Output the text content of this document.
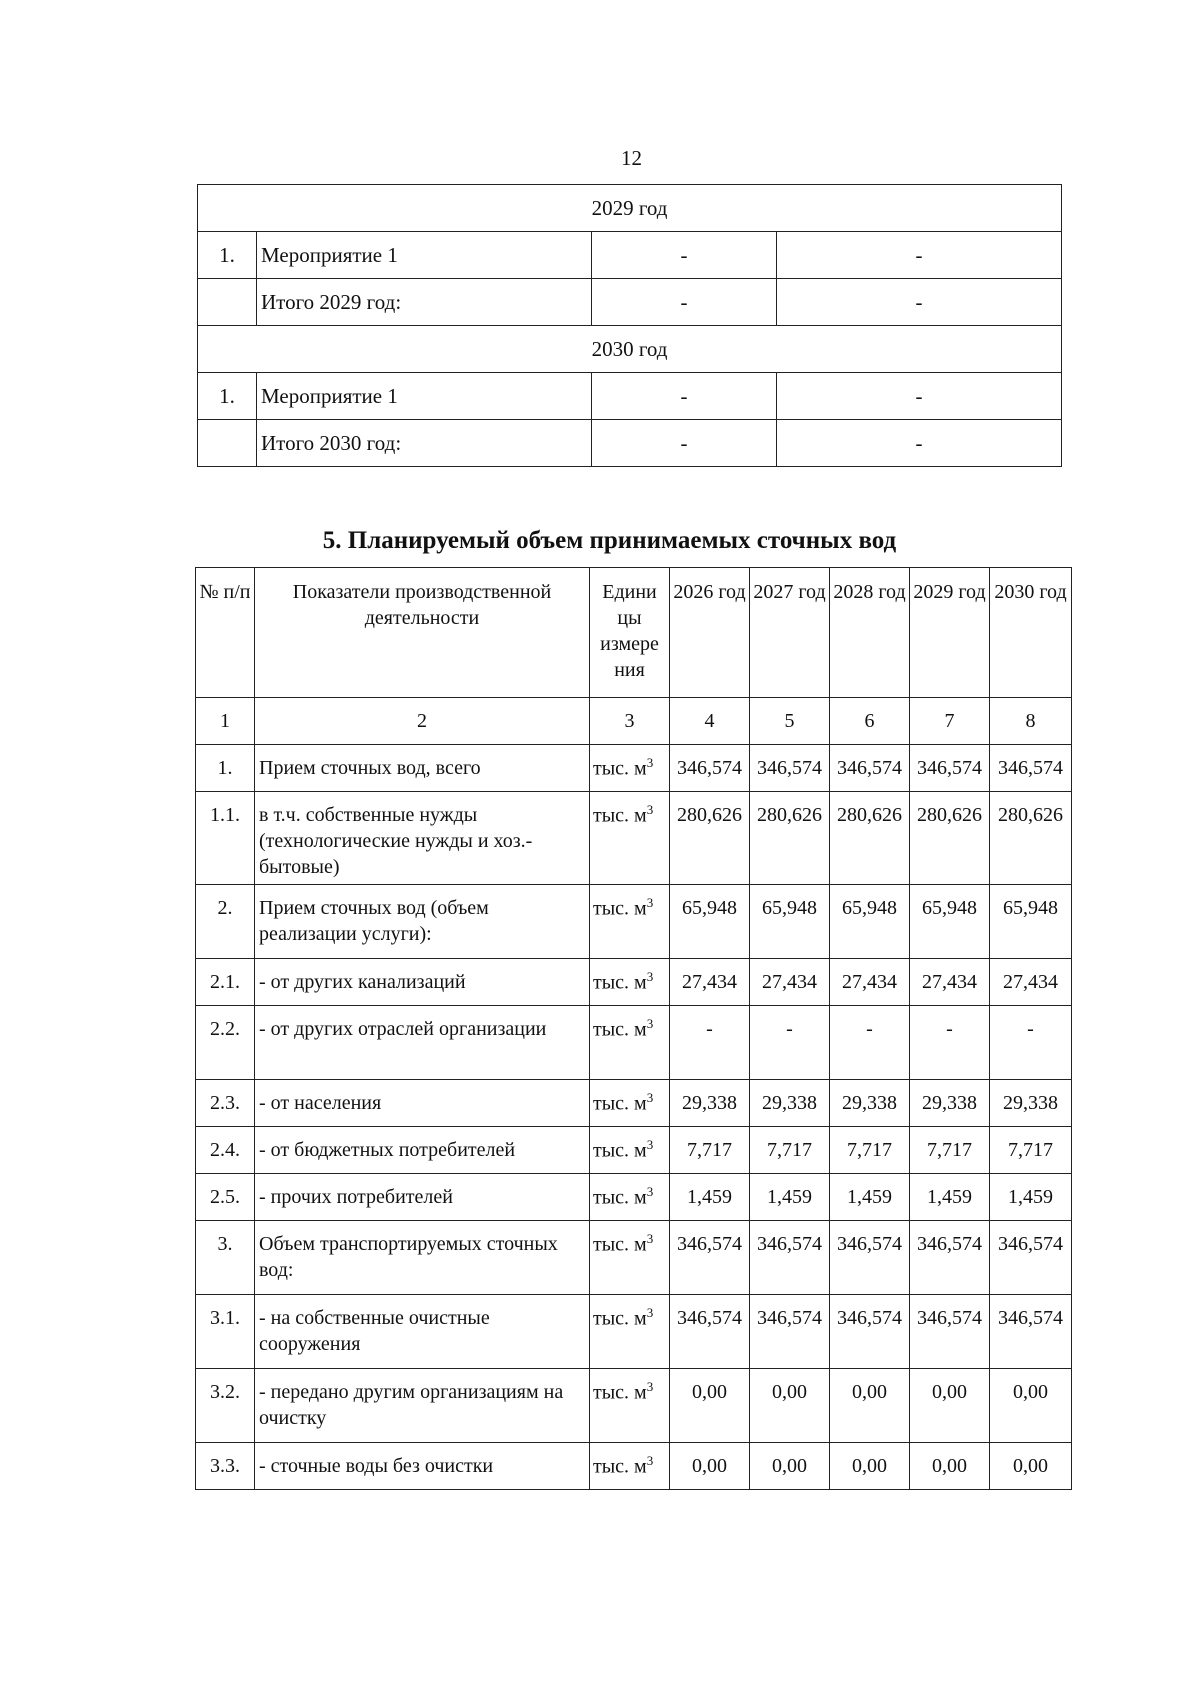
12
2029 год			
1.	Мероприятие 1	-	-
	Итого 2029 год:	-	-
2030 год			
1.	Мероприятие 1	-	-
	Итого 2030 год:	-	-
5. Планируемый объем принимаемых сточных вод
№ п/п	Показатели производственной деятельности	Едини цы измере ния	2026 год	2027 год	2028 год	2029 год	2030 год
1	2	3	4	5	6	7	8
1.	Прием сточных вод, всего	тыс. $м^3$	346,574	346,574	346,574	346,574	346,574
1.1.	в т.ч. собственные нужды (технологические нужды и хоз.-бытовые)	тыс. $м^3$	280,626	280,626	280,626	280,626	280,626
2.	Прием сточных вод (объем реализации услуги):	тыс. $м^3$	65,948	65,948	65,948	65,948	65,948
2.1.	- от других канализаций	тыс. $м^3$	27,434	27,434	27,434	27,434	27,434
2.2.	- от других отраслей организации	тыс. $м^3$	-	-	-	-	-
2.3.	- от населения	тыс. $м^3$	29,338	29,338	29,338	29,338	29,338
2.4.	- от бюджетных потребителей	тыс. $м^3$	7,717	7,717	7,717	7,717	7,717
2.5.	- прочих потребителей	тыс. $м^3$	1,459	1,459	1,459	1,459	1,459
3.	Объем транспортируемых сточных вод:	тыс. $м^3$	346,574	346,574	346,574	346,574	346,574
3.1.	- на собственные очистные сооружения	тыс. $м^3$	346,574	346,574	346,574	346,574	346,574
3.2.	- передано другим организациям на очистку	тыс. $м^3$	0,00	0,00	0,00	0,00	0,00
3.3.	- сточные воды без очистки	тыс. $м^3$	0,00	0,00	0,00	0,00	0,00
